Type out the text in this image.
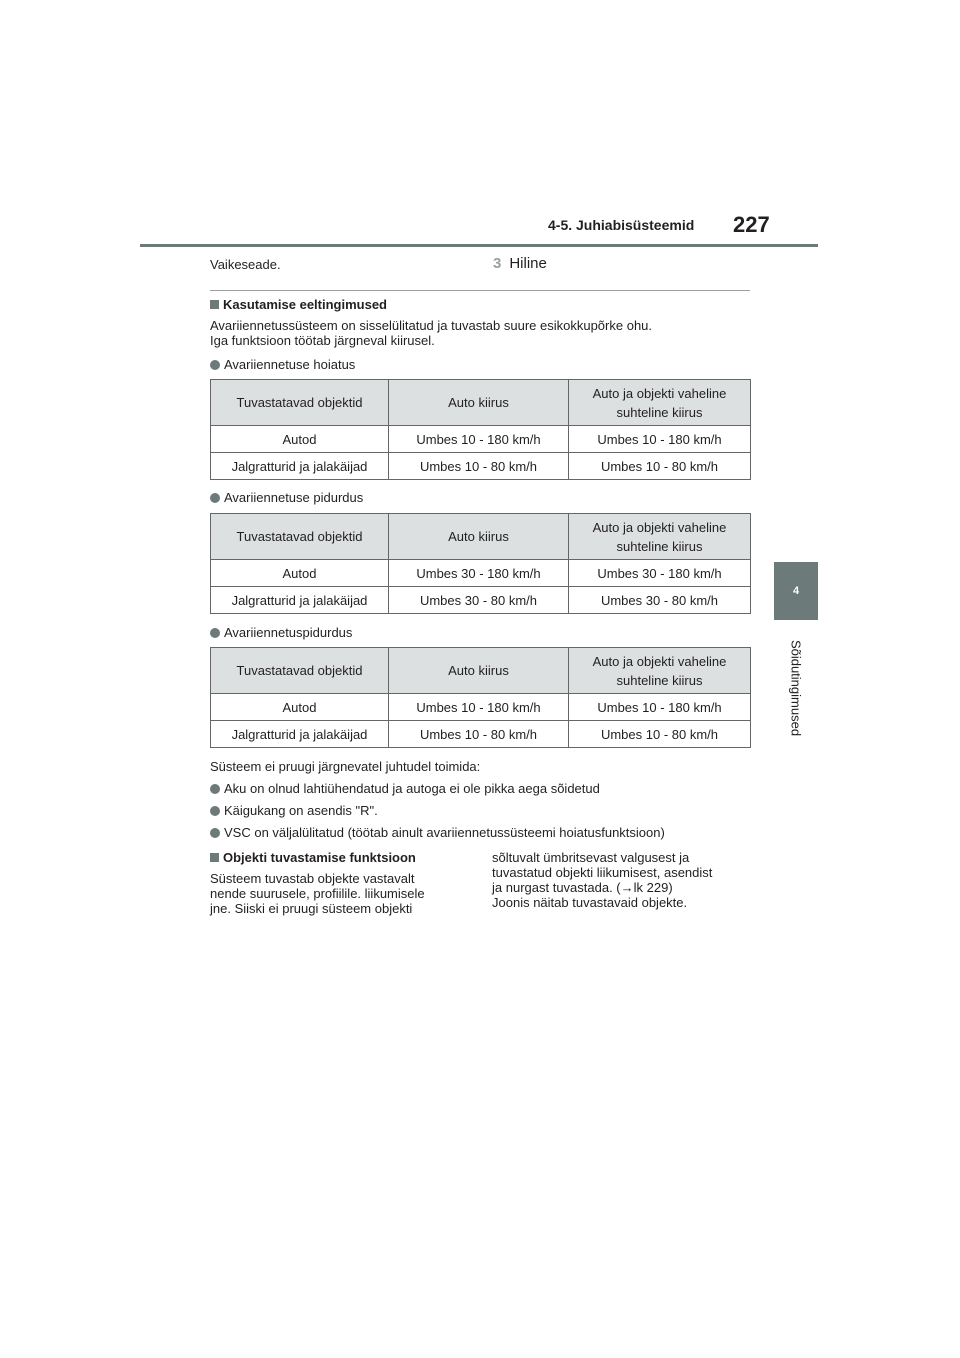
4-5. Juhiabisüsteemid 227
4
Sõidutingimused
Vaikeseade.	3 Hiline
Kasutamise eeltingimused
Avariiennetussüsteem on sisselülitatud ja tuvastab suure esikokkupõrke ohu.
Iga funktsioon töötab järgneval kiirusel.
Avariiennetuse hoiatus
Tuvastatavad objektid	Auto kiirus	Auto ja objekti vaheline
suhteline kiirus
Autod	Umbes 10 - 180 km/h	Umbes 10 - 180 km/h
Jalgratturid ja jalakäijad	Umbes 10 - 80 km/h	Umbes 10 - 80 km/h
Avariiennetuse pidurdus
Tuvastatavad objektid	Auto kiirus	Auto ja objekti vaheline
suhteline kiirus
Autod	Umbes 30 - 180 km/h	Umbes 30 - 180 km/h
Jalgratturid ja jalakäijad	Umbes 30 - 80 km/h	Umbes 30 - 80 km/h
Avariiennetuspidurdus
Tuvastatavad objektid	Auto kiirus	Auto ja objekti vaheline
suhteline kiirus
Autod	Umbes 10 - 180 km/h	Umbes 10 - 180 km/h
Jalgratturid ja jalakäijad	Umbes 10 - 80 km/h	Umbes 10 - 80 km/h
Süsteem ei pruugi järgnevatel juhtudel toimida:
Aku on olnud lahtiühendatud ja autoga ei ole pikka aega sõidetud
Käigukang on asendis "R".
VSC on väljalülitatud (töötab ainult avariiennetussüsteemi hoiatusfunktsioon)
Objekti tuvastamise funktsioon
Süsteem tuvastab objekte vastavalt
nende suurusele, profiilile. liikumisele
jne. Siiski ei pruugi süsteem objekti
sõltuvalt ümbritsevast valgusest ja
tuvastatud objekti liikumisest, asendist
ja nurgast tuvastada. (→lk 229)
Joonis näitab tuvastavaid objekte.
